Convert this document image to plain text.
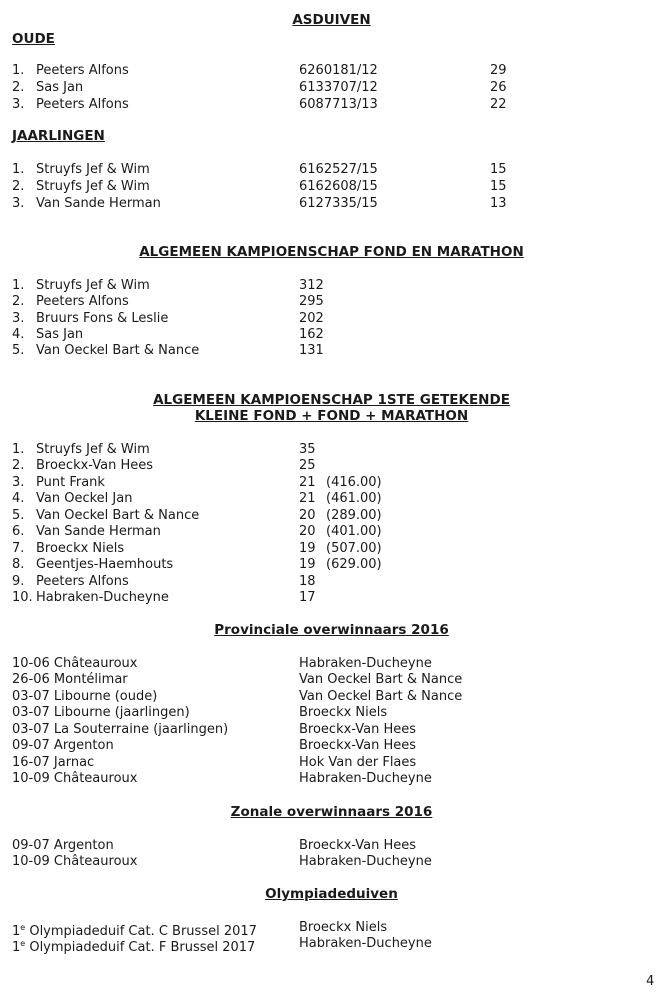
ASDUIVEN
OUDE
1. Peeters Alfons	6260181/12	29
2. Sas Jan	6133707/12	26
3. Peeters Alfons	6087713/13	22
JAARLINGEN
1. Struyfs Jef & Wim	6162527/15	15
2. Struyfs Jef & Wim	6162608/15	15
3. Van Sande Herman	6127335/15	13
ALGEMEEN KAMPIOENSCHAP FOND EN MARATHON
1. Struyfs Jef & Wim	312
2. Peeters Alfons	295
3. Bruurs Fons & Leslie	202
4. Sas Jan	162
5. Van Oeckel Bart & Nance	131
ALGEMEEN KAMPIOENSCHAP 1STE GETEKENDE
KLEINE FOND + FOND + MARATHON
1. Struyfs Jef & Wim	35
2. Broeckx-Van Hees	25
3. Punt Frank	21 (416.00)
4. Van Oeckel Jan	21 (461.00)
5. Van Oeckel Bart & Nance	20 (289.00)
6. Van Sande Herman	20 (401.00)
7. Broeckx Niels	19 (507.00)
8. Geentjes-Haemhouts	19 (629.00)
9. Peeters Alfons	18
10. Habraken-Ducheyne	17
Provinciale overwinnaars 2016
10-06 Châteauroux	Habraken-Ducheyne
26-06 Montélimar	Van Oeckel Bart & Nance
03-07 Libourne (oude)	Van Oeckel Bart & Nance
03-07 Libourne (jaarlingen)	Broeckx Niels
03-07 La Souterraine (jaarlingen)	Broeckx-Van Hees
09-07 Argenton	Broeckx-Van Hees
16-07 Jarnac	Hok Van der Flaes
10-09 Châteauroux	Habraken-Ducheyne
Zonale overwinnaars 2016
09-07 Argenton	Broeckx-Van Hees
10-09 Châteauroux	Habraken-Ducheyne
Olympiadeduiven
1e Olympiadeduif Cat. C Brussel 2017	Broeckx Niels
1e Olympiadeduif Cat. F Brussel 2017	Habraken-Ducheyne
4
